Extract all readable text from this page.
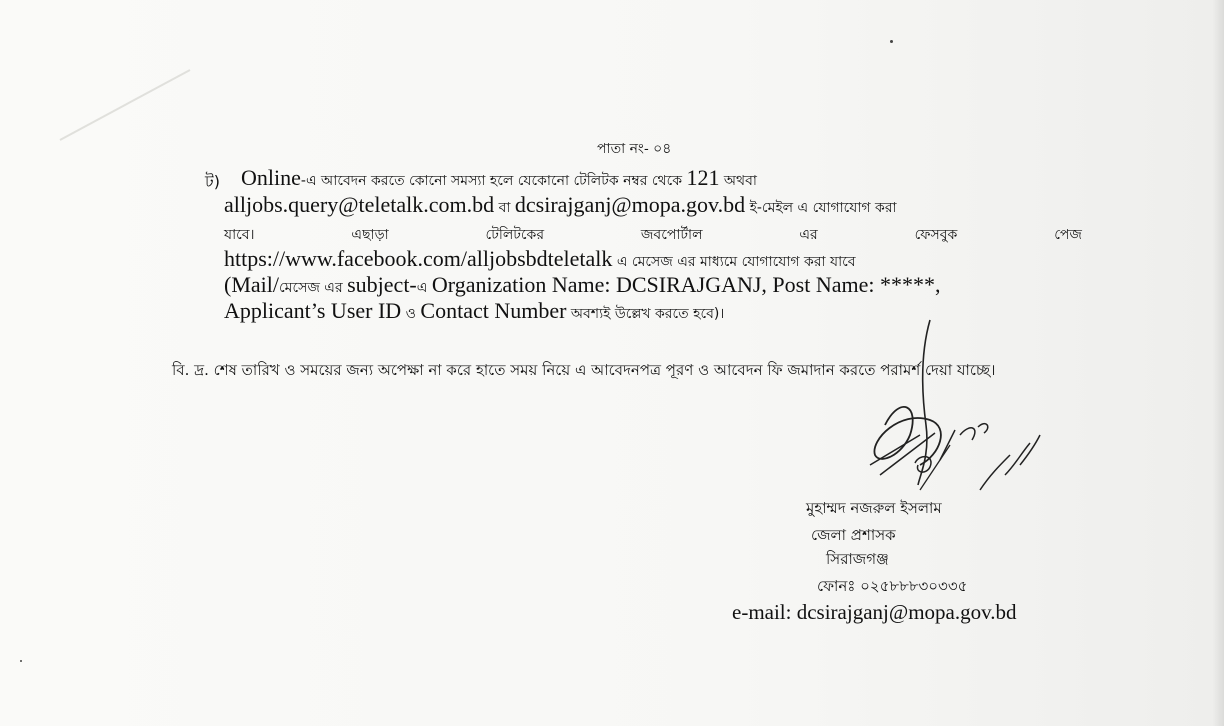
পাতা নং- ০৪
ট) Online-এ আবেদন করতে কোনো সমস্যা হলে যেকোনো টেলিটক নম্বর থেকে 121 অথবা
alljobs.query@teletalk.com.bd বা dcsirajganj@mopa.gov.bd ই-মেইল এ যোগাযোগ করা
যাবে।	এছাড়া	টেলিটকের	জবপোর্টাল	এর	ফেসবুক	পেজ
https://www.facebook.com/alljobsbdteletalk এ মেসেজ এর মাধ্যমে যোগাযোগ করা যাবে
(Mail/মেসেজ এর subject-এ Organization Name: DCSIRAJGANJ, Post Name: *****,
Applicant’s User ID ও Contact Number অবশ্যই উল্লেখ করতে হবে)।
বি. দ্র. শেষ তারিখ ও সময়ের জন্য অপেক্ষা না করে হাতে সময় নিয়ে এ আবেদনপত্র পূরণ ও আবেদন ফি জমাদান করতে পরামর্শ দেয়া যাচ্ছে।
মুহাম্মদ নজরুল ইসলাম
জেলা প্রশাসক
সিরাজগঞ্জ
ফোনঃ ০২৫৮৮৮৩০৩৩৫
e-mail: dcsirajganj@mopa.gov.bd
